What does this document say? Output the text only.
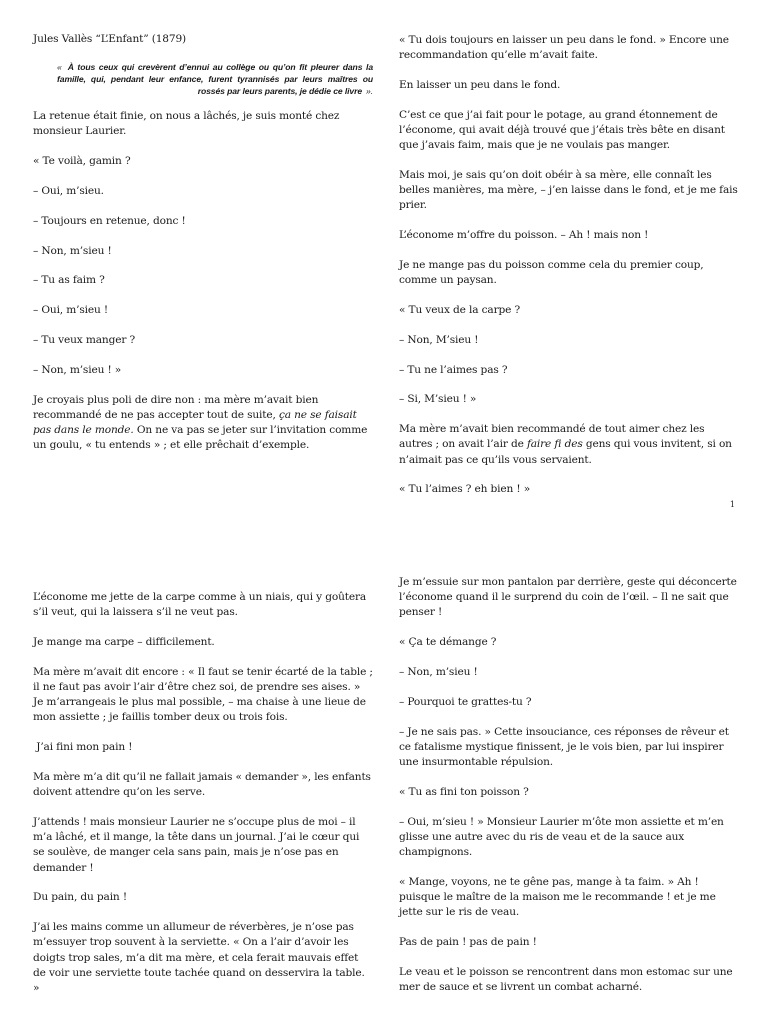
Jules Vallès “L’Enfant” (1879)

« À tous ceux qui crevèrent d’ennui au collège ou qu’on fit pleurer dans la famille, qui, pendant leur enfance, furent tyrannisés par leurs maîtres ou rossés par leurs parents, je dédie ce livre ».

La retenue était finie, on nous a lâchés, je suis monté chez monsieur Laurier.

« Te voilà, gamin ?

– Oui, m’sieu.

– Toujours en retenue, donc !

– Non, m’sieu !

– Tu as faim ?

– Oui, m’sieu !

– Tu veux manger ?

– Non, m’sieu ! »

Je croyais plus poli de dire non : ma mère m’avait bien recommandé de ne pas accepter tout de suite, ça ne se faisait pas dans le monde. On ne va pas se jeter sur l’invitation comme un goulu, « tu entends » ; et elle prêchait d’exemple.

« Tu dois toujours en laisser un peu dans le fond. » Encore une recommandation qu’elle m’avait faite.

En laisser un peu dans le fond.

C’est ce que j’ai fait pour le potage, au grand étonnement de l’économe, qui avait déjà trouvé que j’étais très bête en disant que j’avais faim, mais que je ne voulais pas manger.

Mais moi, je sais qu’on doit obéir à sa mère, elle connaît les belles manières, ma mère, – j’en laisse dans le fond, et je me fais prier.

L’économe m’offre du poisson. – Ah ! mais non !

Je ne mange pas du poisson comme cela du premier coup, comme un paysan.

« Tu veux de la carpe ?

– Non, M’sieu !

– Tu ne l’aimes pas ?

– Si, M’sieu ! »

Ma mère m’avait bien recommandé de tout aimer chez les autres ; on avait l’air de faire fi des gens qui vous invitent, si on n’aimait pas ce qu’ils vous servaient.

« Tu l’aimes ? eh bien ! »

1

L’économe me jette de la carpe comme à un niais, qui y goûtera s’il veut, qui la laissera s’il ne veut pas.

Je mange ma carpe – difficilement.

Ma mère m’avait dit encore : « Il faut se tenir écarté de la table ; il ne faut pas avoir l’air d’être chez soi, de prendre ses aises. » Je m’arrangeais le plus mal possible, – ma chaise à une lieue de mon assiette ; je faillis tomber deux ou trois fois.

J’ai fini mon pain !

Ma mère m’a dit qu’il ne fallait jamais « demander », les enfants doivent attendre qu’on les serve.

J’attends ! mais monsieur Laurier ne s’occupe plus de moi – il m’a lâché, et il mange, la tête dans un journal. J’ai le cœur qui se soulève, de manger cela sans pain, mais je n’ose pas en demander !

Du pain, du pain !

J’ai les mains comme un allumeur de réverbères, je n’ose pas m’essuyer trop souvent à la serviette. « On a l’air d’avoir les doigts trop sales, m’a dit ma mère, et cela ferait mauvais effet de voir une serviette toute tachée quand on desservira la table. »

Je m’essuie sur mon pantalon par derrière, geste qui déconcerte l’économe quand il le surprend du coin de l’œil. – Il ne sait que penser !

« Ça te démange ?

– Non, m’sieu !

– Pourquoi te grattes-tu ?

– Je ne sais pas. » Cette insouciance, ces réponses de rêveur et ce fatalisme mystique finissent, je le vois bien, par lui inspirer une insurmontable répulsion.

« Tu as fini ton poisson ?

– Oui, m’sieu ! » Monsieur Laurier m’ôte mon assiette et m’en glisse une autre avec du ris de veau et de la sauce aux champignons.

« Mange, voyons, ne te gêne pas, mange à ta faim. » Ah ! puisque le maître de la maison me le recommande ! et je me jette sur le ris de veau.

Pas de pain ! pas de pain !

Le veau et le poisson se rencontrent dans mon estomac sur une mer de sauce et se livrent un combat acharné.
